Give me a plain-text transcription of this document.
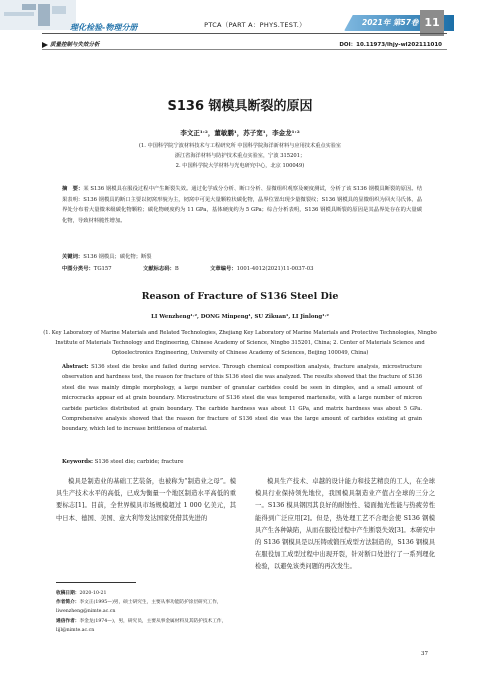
理化检验-物理分册	PTCA（PART A：PHYS.TEST.）	2021年 第57卷 11
质量控制与失效分析	DOI：10.11973/lhjy-wl202111010
S136 钢模具断裂的原因
李文正¹˒²，董敏鹏¹，苏子宽¹，李金龙¹˒²
(1. 中国科学院宁波材料技术与工程研究所 中国科学院海洋新材料与应用技术重点实验室
浙江省海洋材料与防护技术重点实验室，宁波 315201；
2. 中国科学院大学材料与光电研究中心，北京 100049)
摘　要：某 S136 钢模具在服役过程中产生断裂失效。通过化学成分分析、断口分析、显微组织观察及硬度测试，分析了该 S136 钢模具断裂的原因。结果表明：S136 钢模具的断口主要以韧窝形貌为主，韧窝中可见大量颗粒状碳化物，晶界位置出现少量微裂纹；S136 钢模具的显微组织为回火马氏体，晶界处分布着大量微米级碳化物颗粒；碳化物硬度约为 11 GPa，基体硬度约为 5 GPa；综合分析表明，S136 钢模具断裂的原因是其晶界处存在的大量碳化物，导致材料脆性增加。
关键词：S136 钢模具；碳化物；断裂
中图分类号：TG157	文献标志码：B	文章编号：1001-4012(2021)11-0037-03
Reason of Fracture of S136 Steel Die
LI Wenzheng¹˒², DONG Minpeng¹, SU Zikuan¹, LI Jinlong¹˒²
(1. Key Laboratory of Marine Materials and Related Technologies, Zhejiang Key Laboratory of Marine Materials and Protective Technologies, Ningbo Institute of Materials Technology and Engineering, Chinese Academy of Science, Ningbo 315201, China; 2. Center of Materials Science and Optoelectronics Engineering, University of Chinese Academy of Sciences, Beijing 100049, China)
Abstract: S136 steel die broke and failed during service. Through chemical composition analysis, fracture analysis, microstructure observation and hardness test, the reason for fracture of this S136 steel die was analyzed. The results showed that the fracture of S136 steel die was mainly dimple morphology, a large number of granular carbides could be seen in dimples, and a small amount of microcracks appear ed at grain boundary. Microstructure of S136 steel die was tempered martensite, with a large number of micron carbide particles distributed at grain boundary. The carbide hardness was about 11 GPa, and matrix hardness was about 5 GPa. Comprehensive analysis showed that the reason for fracture of S136 steel die was the large amount of carbides existing at grain boundary, which led to increase brittleness of material.
Keywords: S136 steel die; carbide; fracture
模具是制造业的基础工艺装备，也被称为“制造业之母”。模具生产技术水平的高低，已成为衡量一个地区制造水平高低的重要标志[1]。目前，全世界模具市场规模超过 1 000 亿美元，其中日本、德国、美国、意大利等发达国家凭借其先进的
模具生产技术、卓越的设计能力和技艺精良的工人，在全球模具行业保持领先地位，我国模具制造业产值占全球的三分之一。S136 模具钢因其良好的耐蚀性、镜面抛光性能与热疲劳性能得到广泛应用[2]。但是，热处理工艺不合理会使 S136 钢模具产生各种缺陷，从而在服役过程中产生断裂失效[3]。本研究中的 S136 钢模具是以压铸或锻压成型方法制造的，S136 钢模具在服役加工成型过程中出现开裂，针对断口处进行了一系列理化检验，以避免该类问题的再次发生。
收稿日期：2020-10-21
作者简介：李文正(1995—)男，硕士研究生，主要从事功能防护涂层研究工作，liwenzheng@nimte.ac.cn
通信作者：李金龙(1974—)，男，研究员，主要从事金属材料及其防护技术工作，lijl@nimte.ac.cn
37
